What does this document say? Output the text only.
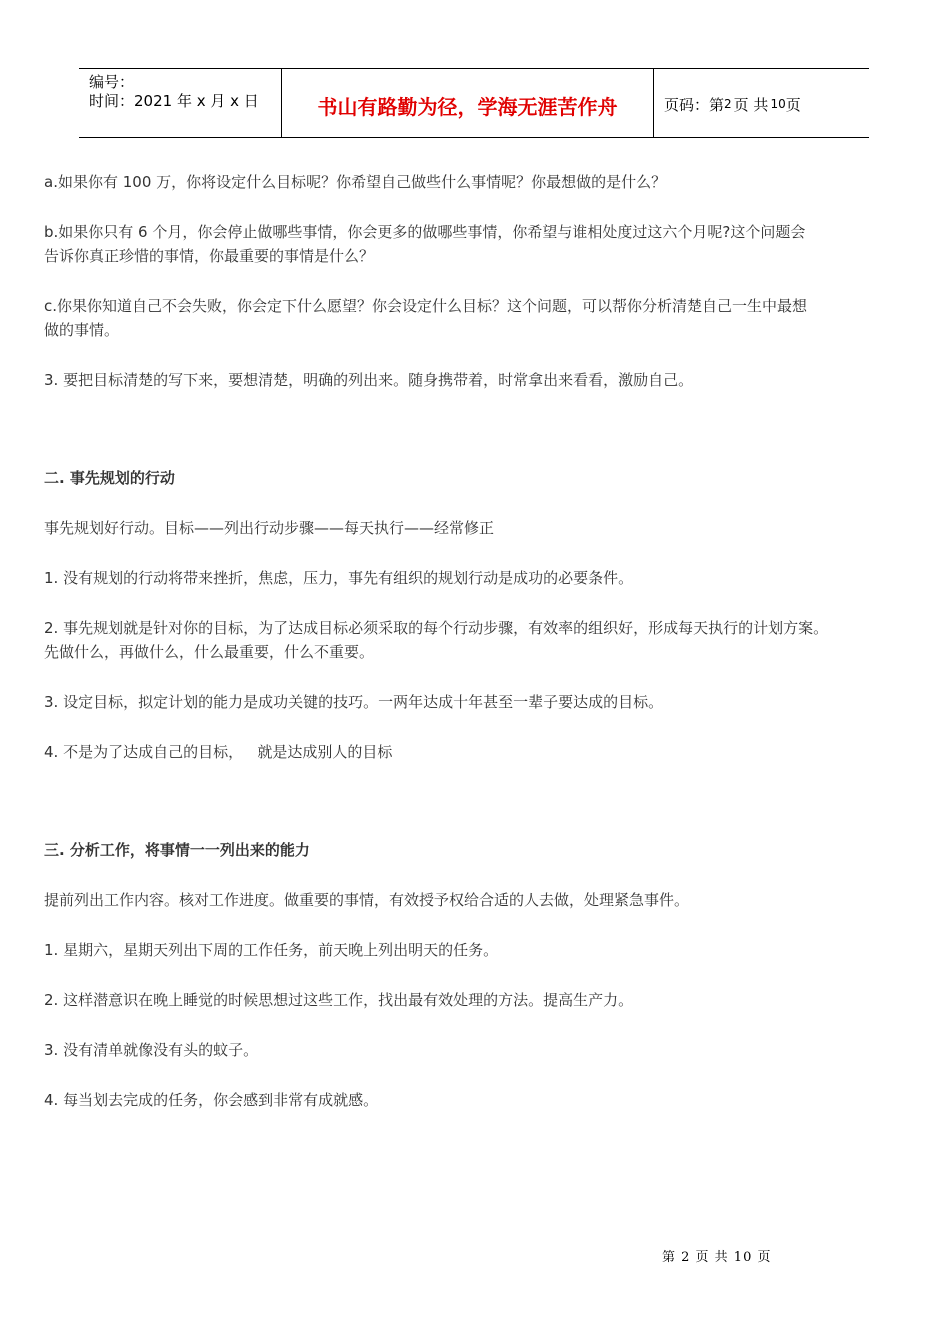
编号：
时间：2021 年 x 月 x 日	书山有路勤为径，学海无涯苦作舟	页码：第 2 页 共 10 页

a.如果你有 100 万，你将设定什么目标呢？你希望自己做些什么事情呢？你最想做的是什么？

b.如果你只有 6 个月，你会停止做哪些事情，你会更多的做哪些事情，你希望与谁相处度过这六个月呢?这个问题会

告诉你真正珍惜的事情，你最重要的事情是什么？

c.你果你知道自己不会失败，你会定下什么愿望？你会设定什么目标？这个问题，可以帮你分析清楚自己一生中最想

做的事情。

3. 要把目标清楚的写下来，要想清楚，明确的列出来。随身携带着，时常拿出来看看，激励自己。

二. 事先规划的行动

事先规划好行动。目标——列出行动步骤——每天执行——经常修正

1. 没有规划的行动将带来挫折，焦虑，压力，事先有组织的规划行动是成功的必要条件。

2. 事先规划就是针对你的目标，为了达成目标必须采取的每个行动步骤，有效率的组织好，形成每天执行的计划方案。

先做什么，再做什么，什么最重要，什么不重要。

3. 设定目标，拟定计划的能力是成功关键的技巧。一两年达成十年甚至一辈子要达成的目标。

4. 不是为了达成自己的目标，   就是达成别人的目标

三. 分析工作，将事情一一列出来的能力

提前列出工作内容。核对工作进度。做重要的事情，有效授予权给合适的人去做，处理紧急事件。

1. 星期六，星期天列出下周的工作任务，前天晚上列出明天的任务。

2. 这样潜意识在晚上睡觉的时候思想过这些工作，找出最有效处理的方法。提高生产力。

3. 没有清单就像没有头的蚊子。

4. 每当划去完成的任务，你会感到非常有成就感。

第 2 页 共 10 页
